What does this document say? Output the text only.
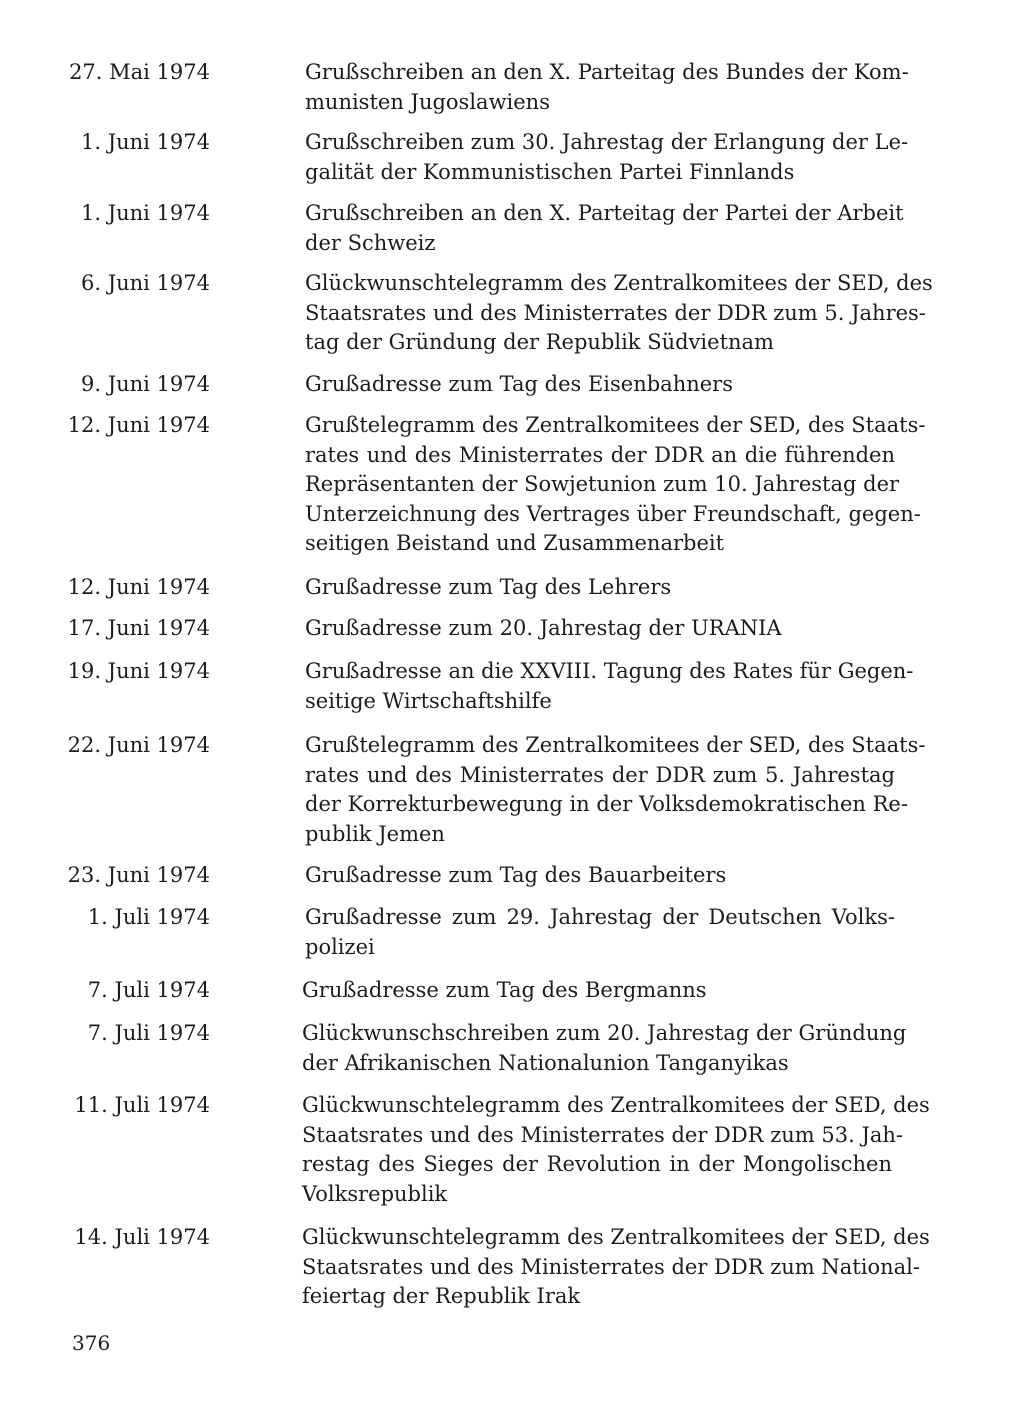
27. Mai 1974	Grußschreiben an den X. Parteitag des Bundes der Kom-
munisten Jugoslawiens
1. Juni 1974	Grußschreiben zum 30. Jahrestag der Erlangung der Le-
galität der Kommunistischen Partei Finnlands
1. Juni 1974	Grußschreiben an den X. Parteitag der Partei der Arbeit
der Schweiz
6. Juni 1974	Glückwunschtelegramm des Zentralkomitees der SED, des
Staatsrates und des Ministerrates der DDR zum 5. Jahres-
tag der Gründung der Republik Südvietnam
9. Juni 1974	Grußadresse zum Tag des Eisenbahners
12. Juni 1974	Grußtelegramm des Zentralkomitees der SED, des Staats-
rates und des Ministerrates der DDR an die führenden
Repräsentanten der Sowjetunion zum 10. Jahrestag der
Unterzeichnung des Vertrages über Freundschaft, gegen-
seitigen Beistand und Zusammenarbeit
12. Juni 1974	Grußadresse zum Tag des Lehrers
17. Juni 1974	Grußadresse zum 20. Jahrestag der URANIA
19. Juni 1974	Grußadresse an die XXVIII. Tagung des Rates für Gegen-
seitige Wirtschaftshilfe
22. Juni 1974	Grußtelegramm des Zentralkomitees der SED, des Staats-
rates und des Ministerrates der DDR zum 5. Jahrestag
der Korrekturbewegung in der Volksdemokratischen Re-
publik Jemen
23. Juni 1974	Grußadresse zum Tag des Bauarbeiters
1. Juli 1974	Grußadresse zum 29. Jahrestag der Deutschen Volks-
polizei
7. Juli 1974	Grußadresse zum Tag des Bergmanns
7. Juli 1974	Glückwunschschreiben zum 20. Jahrestag der Gründung
der Afrikanischen Nationalunion Tanganyikas
11. Juli 1974	Glückwunschtelegramm des Zentralkomitees der SED, des
Staatsrates und des Ministerrates der DDR zum 53. Jah-
restag des Sieges der Revolution in der Mongolischen
Volksrepublik
14. Juli 1974	Glückwunschtelegramm des Zentralkomitees der SED, des
Staatsrates und des Ministerrates der DDR zum National-
feiertag der Republik Irak
376
